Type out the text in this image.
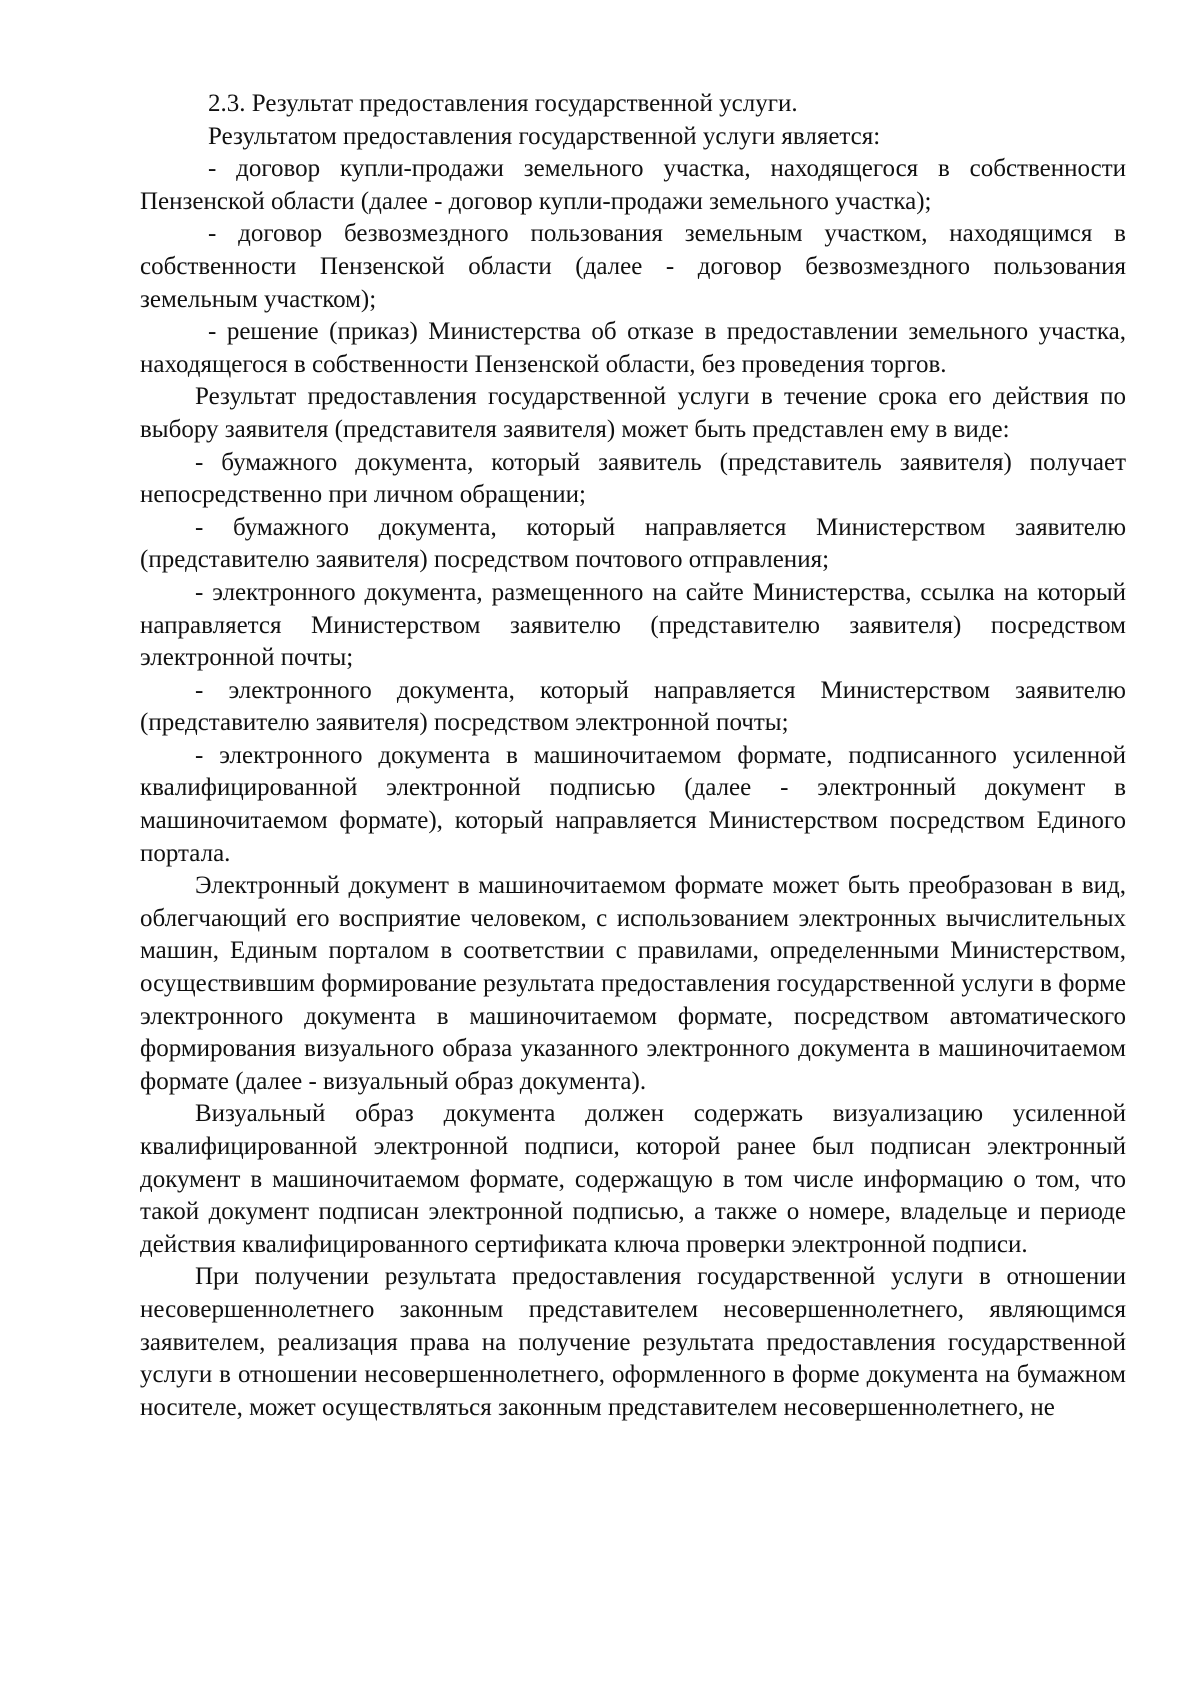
2.3. Результат предоставления государственной услуги.

Результатом предоставления государственной услуги является:

- договор купли-продажи земельного участка, находящегося в собственности Пензенской области (далее - договор купли-продажи земельного участка);

- договор безвозмездного пользования земельным участком, находящимся в собственности Пензенской области (далее - договор безвозмездного пользования земельным участком);

- решение (приказ) Министерства об отказе в предоставлении земельного участка, находящегося в собственности Пензенской области, без проведения торгов.

Результат предоставления государственной услуги в течение срока его действия по выбору заявителя (представителя заявителя) может быть представлен ему в виде:

- бумажного документа, который заявитель (представитель заявителя) получает непосредственно при личном обращении;

- бумажного документа, который направляется Министерством заявителю (представителю заявителя) посредством почтового отправления;

- электронного документа, размещенного на сайте Министерства, ссылка на который направляется Министерством заявителю (представителю заявителя) посредством электронной почты;

- электронного документа, который направляется Министерством заявителю (представителю заявителя) посредством электронной почты;

- электронного документа в машиночитаемом формате, подписанного усиленной квалифицированной электронной подписью (далее - электронный документ в машиночитаемом формате), который направляется Министерством посредством Единого портала.

Электронный документ в машиночитаемом формате может быть преобразован в вид, облегчающий его восприятие человеком, с использованием электронных вычислительных машин, Единым порталом в соответствии с правилами, определенными Министерством, осуществившим формирование результата предоставления государственной услуги в форме электронного документа в машиночитаемом формате, посредством автоматического формирования визуального образа указанного электронного документа в машиночитаемом формате (далее - визуальный образ документа).

Визуальный образ документа должен содержать визуализацию усиленной квалифицированной электронной подписи, которой ранее был подписан электронный документ в машиночитаемом формате, содержащую в том числе информацию о том, что такой документ подписан электронной подписью, а также о номере, владельце и периоде действия квалифицированного сертификата ключа проверки электронной подписи.

При получении результата предоставления государственной услуги в отношении несовершеннолетнего законным представителем несовершеннолетнего, являющимся заявителем, реализация права на получение результата предоставления государственной услуги в отношении несовершеннолетнего, оформленного в форме документа на бумажном носителе, может осуществляться законным представителем несовершеннолетнего, не
